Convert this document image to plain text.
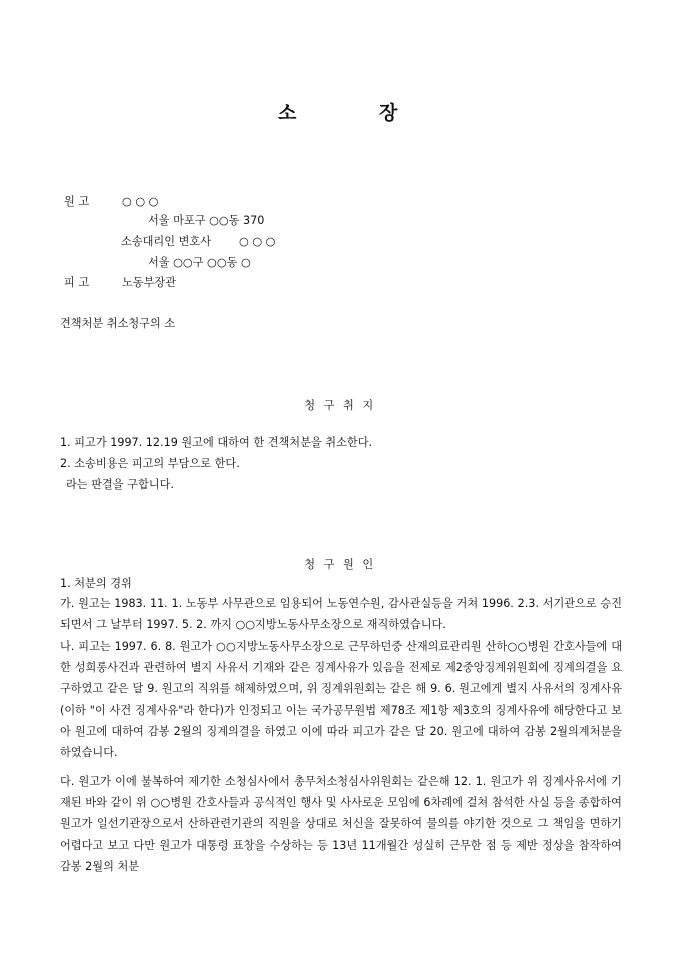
소	장
원 고	○ ○ ○
서울 마포구 ○○동 370
소송대리인 변호사 ○ ○ ○
서울 ○○구 ○○동 ○
피 고	노동부장관
견책처분 취소청구의 소
청 구 취 지
1. 피고가 1997. 12.19 원고에 대하여 한 견책처분을 취소한다.
2. 소송비용은 피고의 부담으로 한다.
라는 판결을 구합니다.
청 구 원 인
1. 처분의 경위
가. 원고는 1983. 11. 1. 노동부 사무관으로 임용되어 노동연수원, 감사관실등을 거쳐 1996. 2.3. 서기관으로 승진되면서 그 날부터 1997. 5. 2. 까지 ○○지방노동사무소장으로 재직하였습니다.
나. 피고는 1997. 6. 8. 원고가 ○○지방노동사무소장으로 근무하던중 산재의료관리원 산하○○병원 간호사들에 대한 성희롱사건과 관련하여 별지 사유서 기재와 같은 징계사유가 있음을 전제로 제2중앙징계위원회에 징계의결을 요구하였고 같은 달 9. 원고의 직위를 해제하였으며, 위 징계위원회는 같은 해 9. 6. 원고에게 별지 사유서의 징계사유(이하 "이 사건 징계사유"라 한다)가 인정되고 이는 국가공무원법 제78조 제1항 제3호의 징계사유에 해당한다고 보아 원고에 대하여 감봉 2월의 징계의결을 하였고 이에 따라 피고가 같은 달 20. 원고에 대하여 감봉 2월의계처분을 하였습니다.
다. 원고가 이에 불복하여 제기한 소청심사에서 총무처소청심사위원회는 같은해 12. 1. 원고가 위 징계사유서에 기재된 바와 같이 위 ○○병원 간호사들과 공식적인 행사 및 사사로운 모임에 6차례에 걸쳐 참석한 사실 등을 종합하여 원고가 일선기관장으로서 산하관련기관의 직원을 상대로 처신을 잘못하여 물의를 야기한 것으로 그 책임을 면하기 어렵다고 보고 다만 원고가 대통령 표창을 수상하는 등 13년 11개월간 성실히 근무한 점 등 제반 정상을 참작하여 감봉 2월의 처분
